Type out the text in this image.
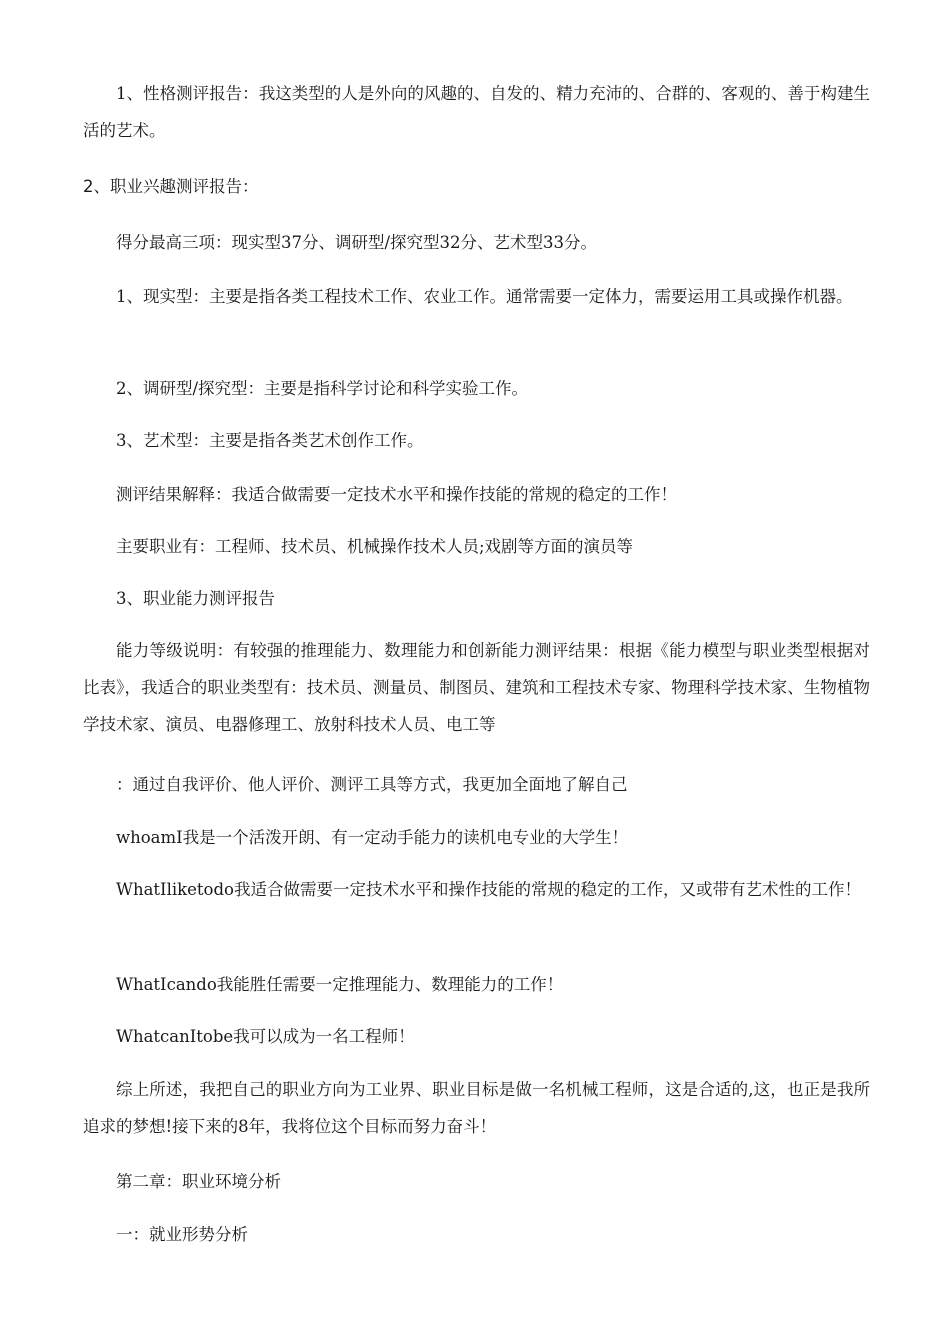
1、性格测评报告：我这类型的人是外向的风趣的、自发的、精力充沛的、合群的、客观的、善于构建生活的艺术。

2、职业兴趣测评报告：

得分最高三项：现实型37分、调研型/探究型32分、艺术型33分。

1、现实型：主要是指各类工程技术工作、农业工作。通常需要一定体力，需要运用工具或操作机器。

2、调研型/探究型：主要是指科学讨论和科学实验工作。

3、艺术型：主要是指各类艺术创作工作。

测评结果解释：我适合做需要一定技术水平和操作技能的常规的稳定的工作！

主要职业有：工程师、技术员、机械操作技术人员;戏剧等方面的演员等

3、职业能力测评报告

能力等级说明：有较强的推理能力、数理能力和创新能力测评结果：根据《能力模型与职业类型根据对比表》，我适合的职业类型有：技术员、测量员、制图员、建筑和工程技术专家、物理科学技术家、生物植物学技术家、演员、电器修理工、放射科技术人员、电工等

：通过自我评价、他人评价、测评工具等方式，我更加全面地了解自己

whoamI我是一个活泼开朗、有一定动手能力的读机电专业的大学生！

WhatIliketodo我适合做需要一定技术水平和操作技能的常规的稳定的工作，又或带有艺术性的工作！

WhatIcando我能胜任需要一定推理能力、数理能力的工作！

WhatcanItobe我可以成为一名工程师！

综上所述，我把自己的职业方向为工业界、职业目标是做一名机械工程师，这是合适的,这，也正是我所追求的梦想!接下来的8年，我将位这个目标而努力奋斗！

第二章：职业环境分析

一：就业形势分析
